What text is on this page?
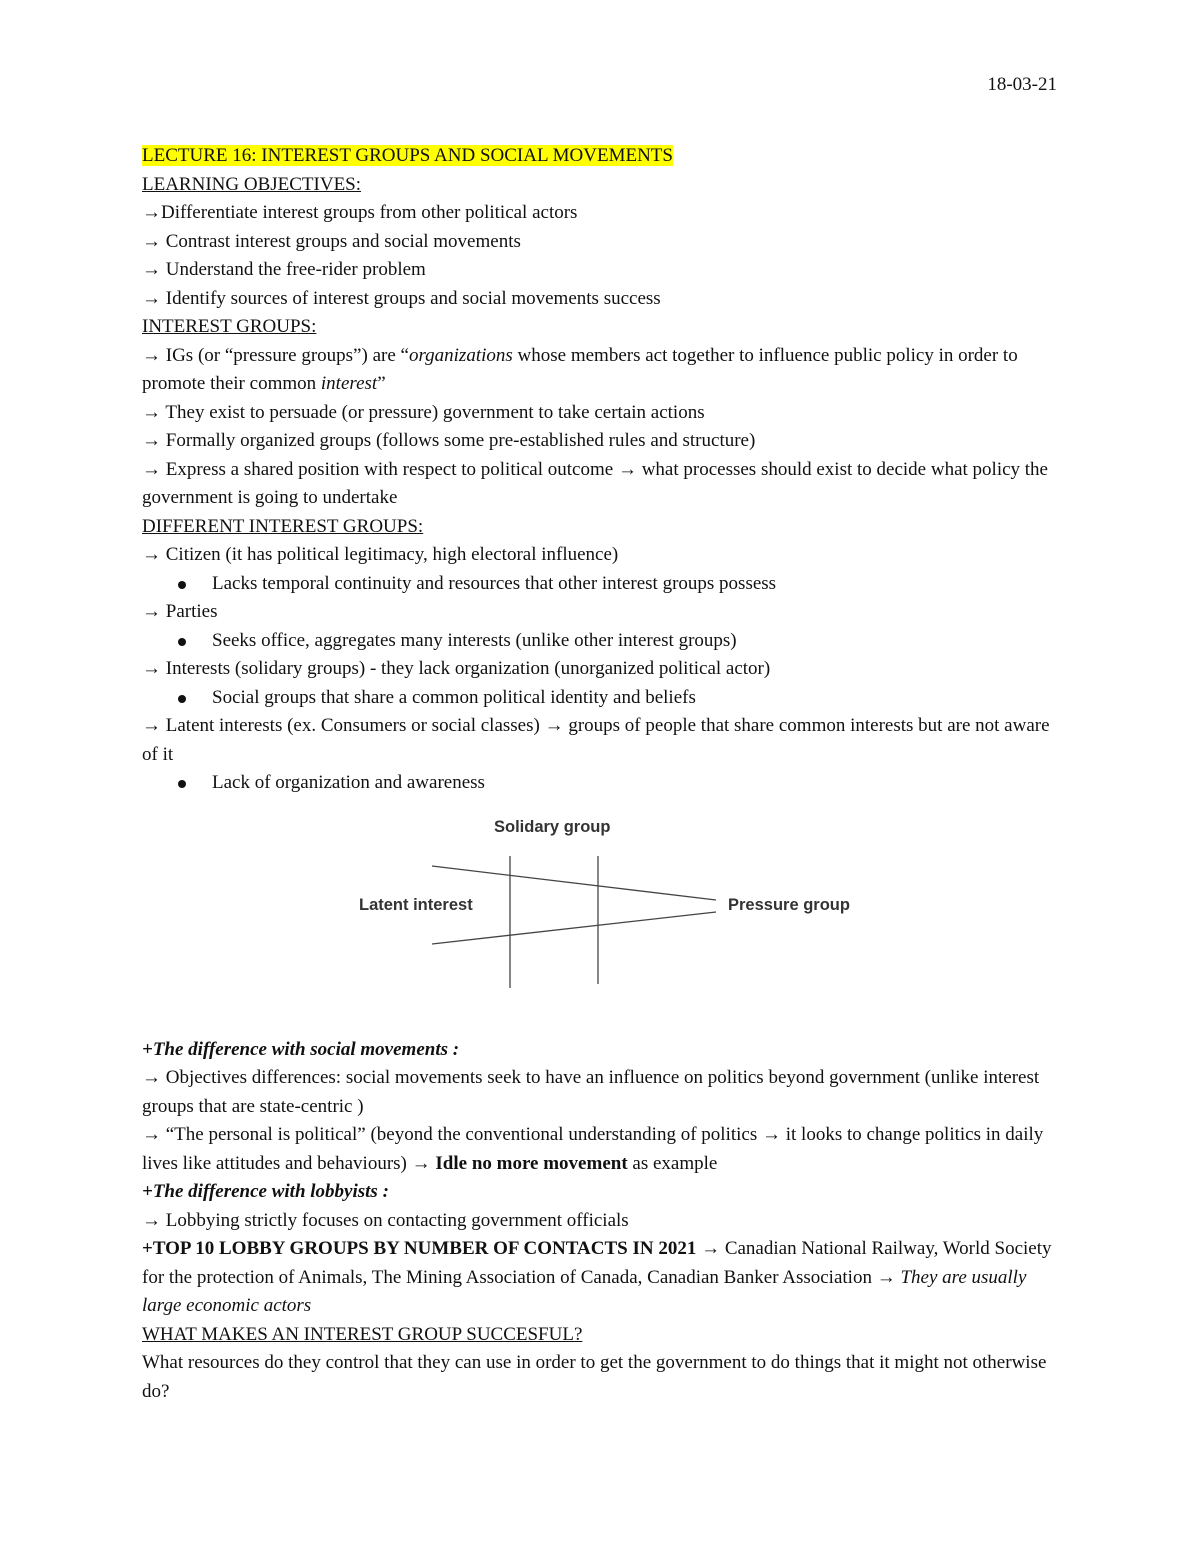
18-03-21
LECTURE 16: INTEREST GROUPS AND SOCIAL MOVEMENTS
LEARNING OBJECTIVES:
→Differentiate interest groups from other political actors
→ Contrast interest groups and social movements
→ Understand the free-rider problem
→ Identify sources of interest groups and social movements success
INTEREST GROUPS:
→ IGs (or “pressure groups”) are “organizations whose members act together to influence public policy in order to promote their common interest”
→ They exist to persuade (or pressure) government to take certain actions
→ Formally organized groups (follows some pre-established rules and structure)
→ Express a shared position with respect to political outcome → what processes should exist to decide what policy the government is going to undertake
DIFFERENT INTEREST GROUPS:
→ Citizen (it has political legitimacy, high electoral influence)
Lacks temporal continuity and resources that other interest groups possess
→ Parties
Seeks office, aggregates many interests (unlike other interest groups)
→ Interests (solidary groups) - they lack organization (unorganized political actor)
Social groups that share a common political identity and beliefs
→ Latent interests (ex. Consumers or social classes) → groups of people that share common interests but are not aware of it
Lack of organization and awareness
Solidary group
Latent interest	Pressure group
+The difference with social movements :
→ Objectives differences: social movements seek to have an influence on politics beyond government (unlike interest groups that are state-centric )
→ “The personal is political” (beyond the conventional understanding of politics → it looks to change politics in daily lives like attitudes and behaviours) → Idle no more movement as example
+The difference with lobbyists :
→ Lobbying strictly focuses on contacting government officials
+TOP 10 LOBBY GROUPS BY NUMBER OF CONTACTS IN 2021 → Canadian National Railway, World Society for the protection of Animals, The Mining Association of Canada, Canadian Banker Association → They are usually large economic actors
WHAT MAKES AN INTEREST GROUP SUCCESFUL?
What resources do they control that they can use in order to get the government to do things that it might not otherwise do?
